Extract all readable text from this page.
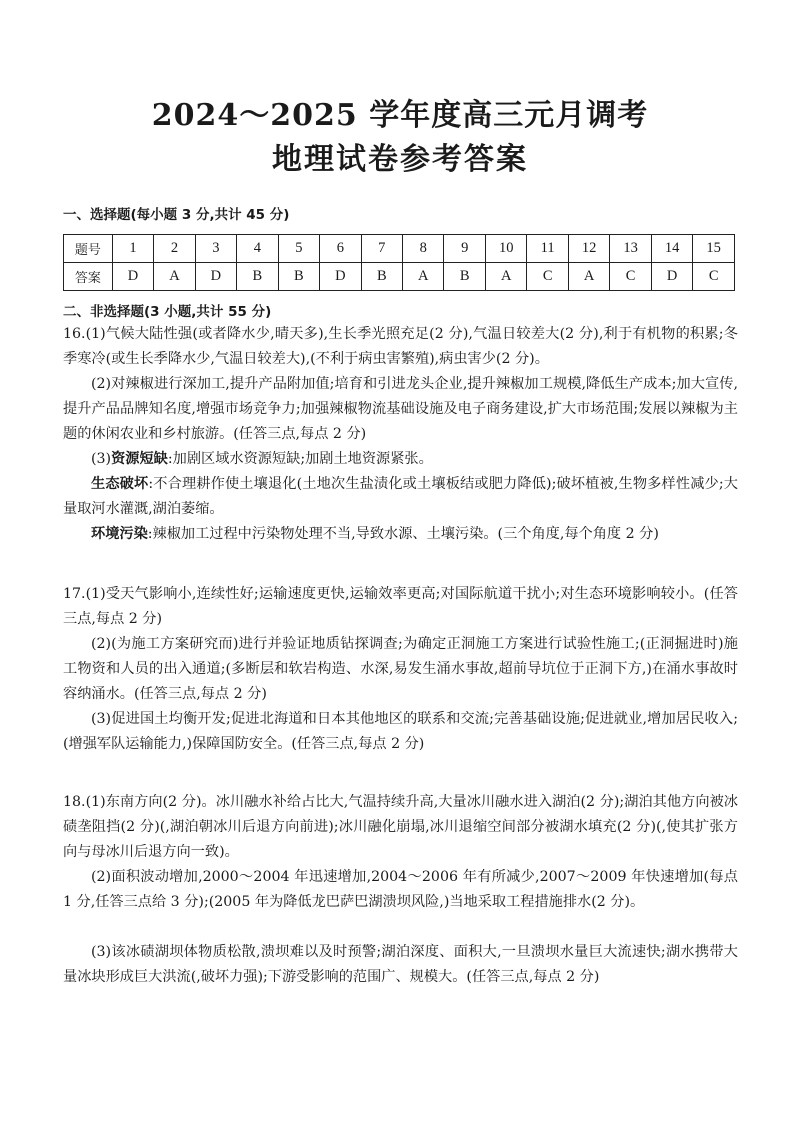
2024～2025 学年度高三元月调考
地理试卷参考答案

一、选择题(每小题 3 分,共计 45 分)

题号	1	2	3	4	5	6	7	8	9	10	11	12	13	14	15
答案	D	A	D	B	B	D	B	A	B	A	C	A	C	D	C

二、非选择题(3 小题,共计 55 分)

16.(1)气候大陆性强(或者降水少,晴天多),生长季光照充足(2 分),气温日较差大(2 分),利于有机物的积累;冬季寒冷(或生长季降水少,气温日较差大),(不利于病虫害繁殖),病虫害少(2 分)。

(2)对辣椒进行深加工,提升产品附加值;培育和引进龙头企业,提升辣椒加工规模,降低生产成本;加大宣传,提升产品品牌知名度,增强市场竞争力;加强辣椒物流基础设施及电子商务建设,扩大市场范围;发展以辣椒为主题的休闲农业和乡村旅游。(任答三点,每点 2 分)

(3)资源短缺:加剧区域水资源短缺;加剧土地资源紧张。

生态破坏:不合理耕作使土壤退化(土地次生盐渍化或土壤板结或肥力降低);破坏植被,生物多样性减少;大量取河水灌溉,湖泊萎缩。

环境污染:辣椒加工过程中污染物处理不当,导致水源、土壤污染。(三个角度,每个角度 2 分)

17.(1)受天气影响小,连续性好;运输速度更快,运输效率更高;对国际航道干扰小;对生态环境影响较小。(任答三点,每点 2 分)

(2)(为施工方案研究而)进行并验证地质钻探调查;为确定正洞施工方案进行试验性施工;(正洞掘进时)施工物资和人员的出入通道;(多断层和软岩构造、水深,易发生涌水事故,超前导坑位于正洞下方,)在涌水事故时容纳涌水。(任答三点,每点 2 分)

(3)促进国土均衡开发;促进北海道和日本其他地区的联系和交流;完善基础设施;促进就业,增加居民收入;(增强军队运输能力,)保障国防安全。(任答三点,每点 2 分)

18.(1)东南方向(2 分)。冰川融水补给占比大,气温持续升高,大量冰川融水进入湖泊(2 分);湖泊其他方向被冰碛垄阻挡(2 分)(,湖泊朝冰川后退方向前进);冰川融化崩塌,冰川退缩空间部分被湖水填充(2 分)(,使其扩张方向与母冰川后退方向一致)。

(2)面积波动增加,2000～2004 年迅速增加,2004～2006 年有所减少,2007～2009 年快速增加(每点 1 分,任答三点给 3 分);(2005 年为降低龙巴萨巴湖溃坝风险,)当地采取工程措施排水(2 分)。

(3)该冰碛湖坝体物质松散,溃坝难以及时预警;湖泊深度、面积大,一旦溃坝水量巨大流速快;湖水携带大量冰块形成巨大洪流(,破坏力强);下游受影响的范围广、规模大。(任答三点,每点 2 分)
